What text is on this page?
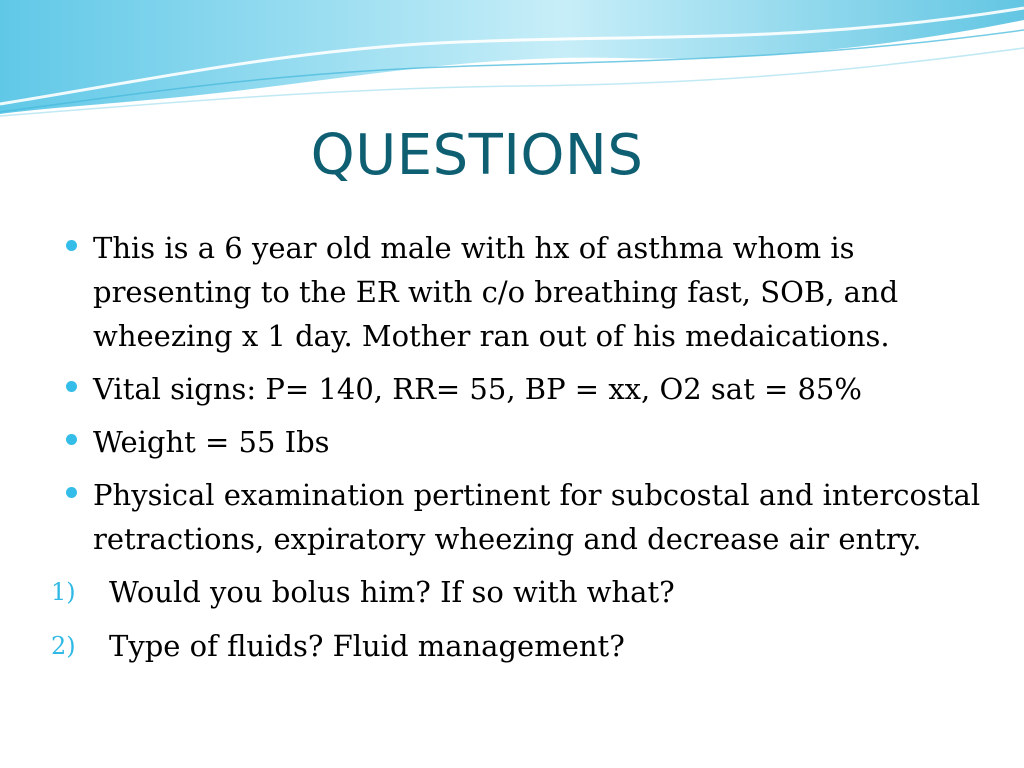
QUESTIONS
This is a 6 year old male with hx of asthma whom is presenting to the ER with c/o breathing fast, SOB, and wheezing x 1 day. Mother ran out of his medaications.
Vital signs: P= 140, RR= 55, BP = xx, O2 sat = 85%
Weight = 55 Ibs
Physical examination pertinent for subcostal and intercostal retractions, expiratory wheezing and decrease air entry.
1) Would you bolus him? If so with what?
2) Type of fluids? Fluid management?
